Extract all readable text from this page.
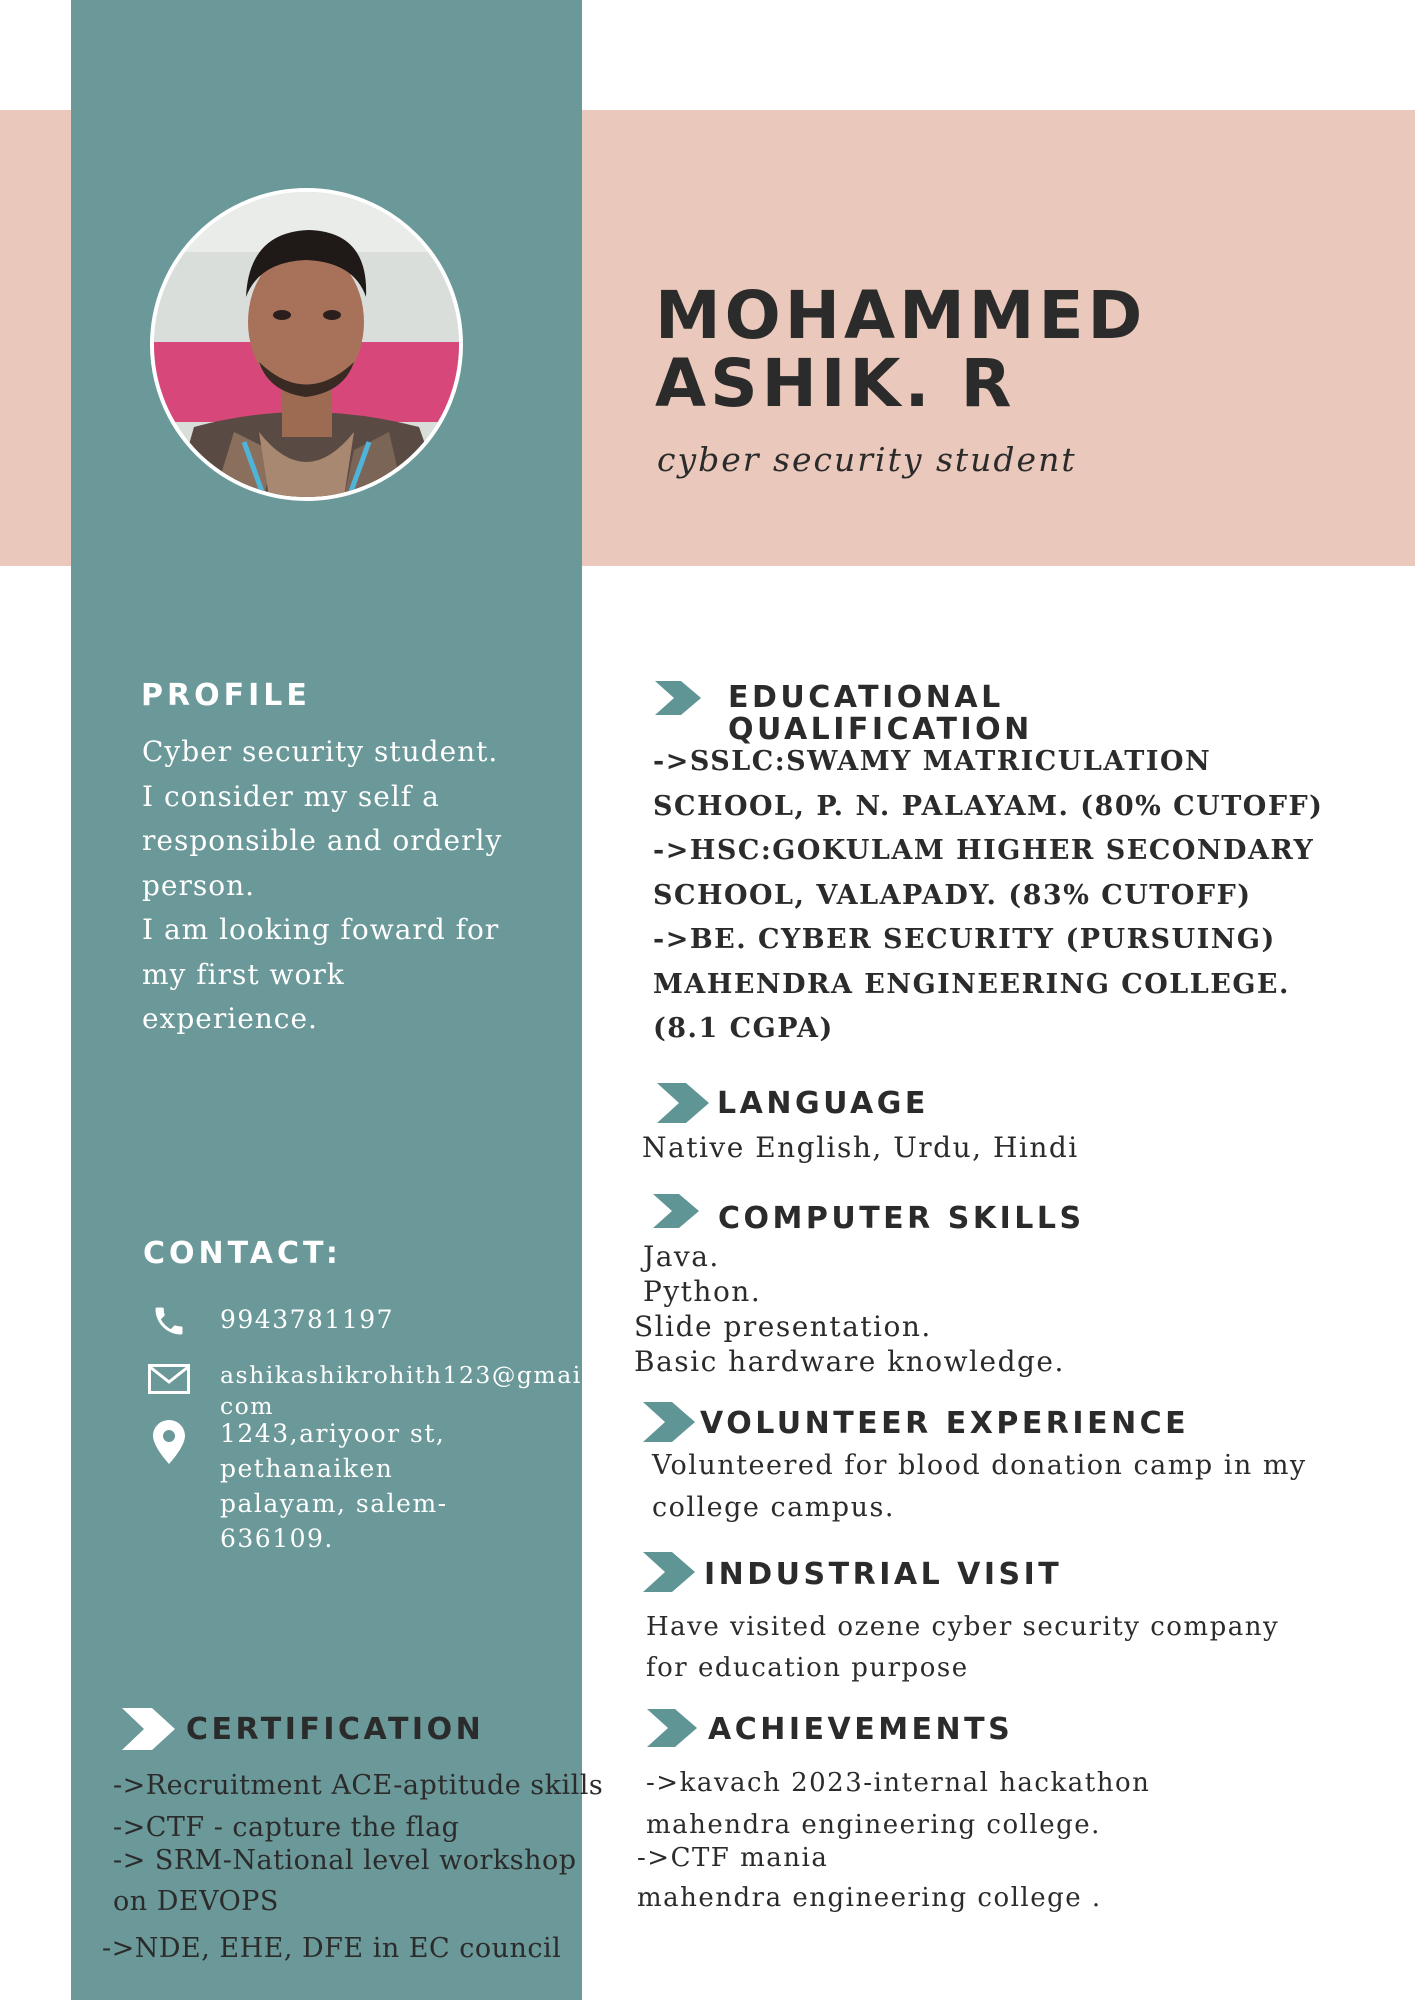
MOHAMMED
ASHIK. R
cyber security student
PROFILE
Cyber security student.
I consider my self a
responsible and orderly
person.
I am looking foward for
my first work
experience.
CONTACT:
9943781197
ashikashikrohith123@gmail.
com
1243,ariyoor st,
pethanaiken
palayam, salem-
636109.
CERTIFICATION
->Recruitment ACE-aptitude skills
->CTF - capture the flag
-> SRM-National level workshop
on DEVOPS
->NDE, EHE, DFE in EC council
EDUCATIONAL
QUALIFICATION
->SSLC:SWAMY MATRICULATION
SCHOOL, P. N. PALAYAM. (80% CUTOFF)
->HSC:GOKULAM HIGHER SECONDARY
SCHOOL, VALAPADY. (83% CUTOFF)
->BE. CYBER SECURITY (PURSUING)
MAHENDRA ENGINEERING COLLEGE.
(8.1 CGPA)
LANGUAGE
Native English, Urdu, Hindi
COMPUTER SKILLS
Java.
Python.
Slide presentation.
Basic hardware knowledge.
VOLUNTEER EXPERIENCE
Volunteered for blood donation camp in my
college campus.
INDUSTRIAL VISIT
Have visited ozene cyber security company
for education purpose
ACHIEVEMENTS
->kavach 2023-internal hackathon
mahendra engineering college.
->CTF mania
mahendra engineering college .
